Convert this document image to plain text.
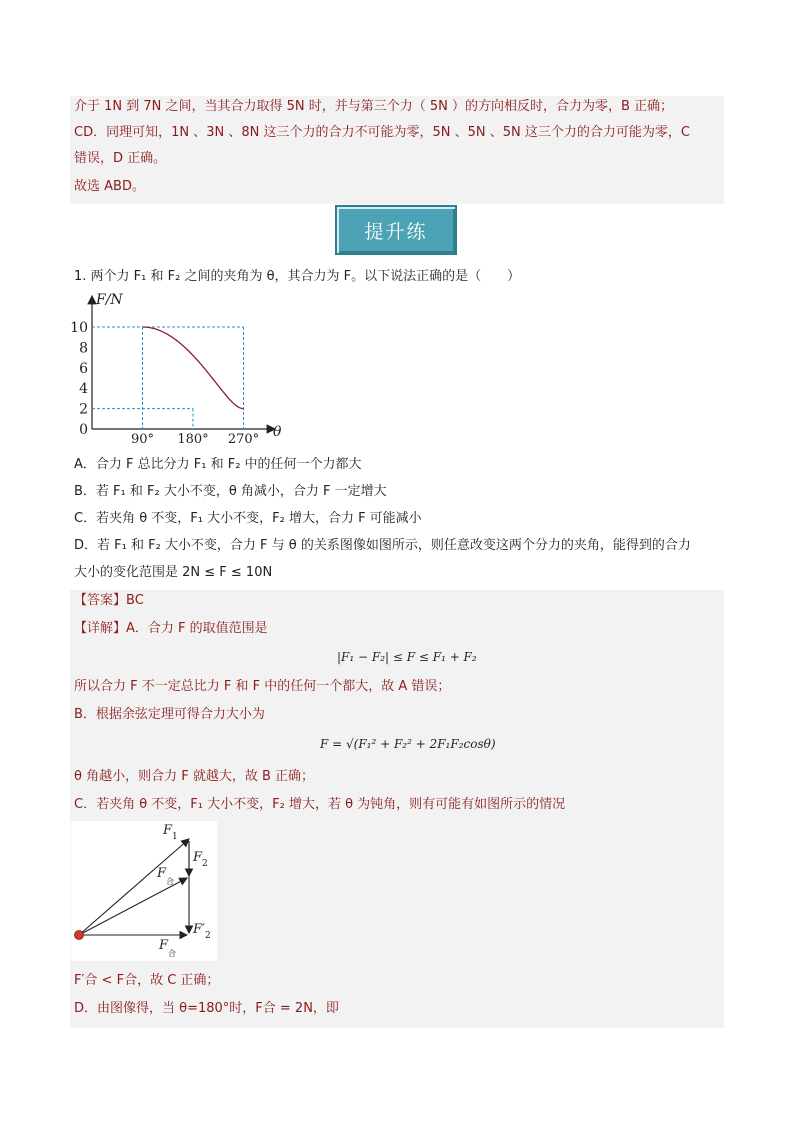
介于 1N 到 7N 之间，当其合力取得 5N 时，并与第三个力（ 5N ）的方向相反时，合力为零，B 正确；
CD．同理可知，1N 、3N 、8N 这三个力的合力不可能为零，5N 、5N 、5N 这三个力的合力可能为零，C
错误，D 正确。
故选 ABD。
提升练
1. 两个力 F₁ 和 F₂ 之间的夹角为 θ，其合力为 F。以下说法正确的是（　　）
F/N
θ
0
2
4
6
8
10
90° 180° 270°
A．合力 F 总比分力 F₁ 和 F₂ 中的任何一个力都大
B．若 F₁ 和 F₂ 大小不变，θ 角减小，合力 F 一定增大
C．若夹角 θ 不变，F₁ 大小不变，F₂ 增大，合力 F 可能减小
D．若 F₁ 和 F₂ 大小不变，合力 F 与 θ 的关系图像如图所示，则任意改变这两个分力的夹角，能得到的合力
大小的变化范围是 2N ≤ F ≤ 10N
【答案】BC
【详解】A．合力 F 的取值范围是
|F₁ − F₂| ≤ F ≤ F₁ + F₂
所以合力 F 不一定总比力 F 和 F 中的任何一个都大，故 A 错误；
B．根据余弦定理可得合力大小为
F = √(F₁² + F₂² + 2F₁F₂cosθ)
θ 角越小，则合力 F 就越大，故 B 正确；
C．若夹角 θ 不变，F₁ 大小不变，F₂ 增大，若 θ 为钝角，则有可能有如图所示的情况
$F_1$
$F_2$
$F_合$
$F'_2$
$F_合$
F′合 < F合，故 C 正确；
D．由图像得，当 θ=180°时，F合 = 2N，即
